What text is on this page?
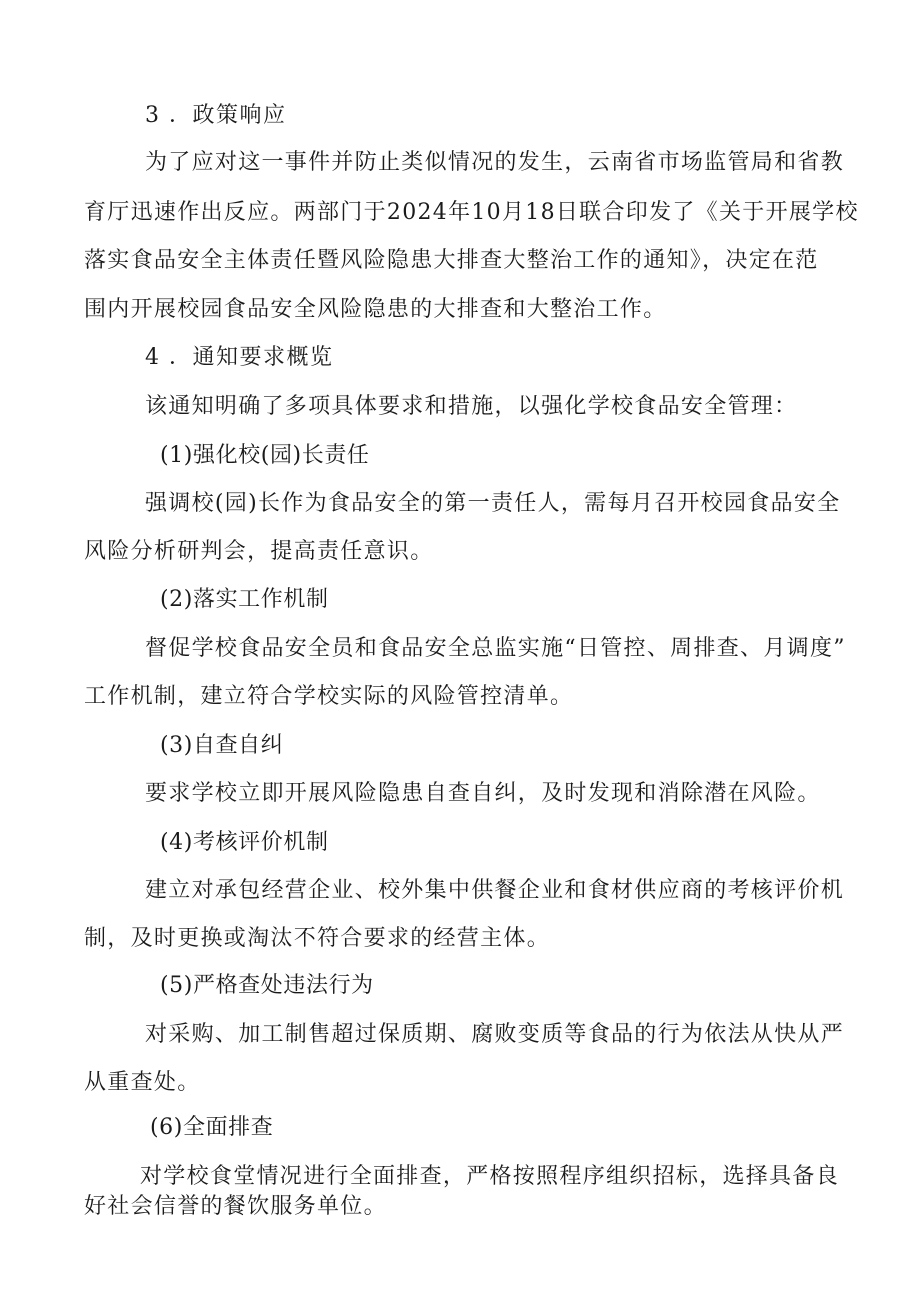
3 ．政策响应
为了应对这一事件并防止类似情况的发生，云南省市场监管局和省教
育厅迅速作出反应。两部门于2024年10月18日联合印发了《关于开展学校
落实食品安全主体责任暨风险隐患大排查大整治工作的通知》，决定在范
围内开展校园食品安全风险隐患的大排查和大整治工作。
4 ．通知要求概览
该通知明确了多项具体要求和措施，以强化学校食品安全管理：
(1)强化校(园)长责任
强调校(园)长作为食品安全的第一责任人，需每月召开校园食品安全
风险分析研判会，提高责任意识。
(2)落实工作机制
督促学校食品安全员和食品安全总监实施“日管控、周排查、月调度”
工作机制，建立符合学校实际的风险管控清单。
(3)自查自纠
要求学校立即开展风险隐患自查自纠，及时发现和消除潜在风险。
(4)考核评价机制
建立对承包经营企业、校外集中供餐企业和食材供应商的考核评价机
制，及时更换或淘汰不符合要求的经营主体。
(5)严格查处违法行为
对采购、加工制售超过保质期、腐败变质等食品的行为依法从快从严
从重查处。
(6)全面排查
对学校食堂情况进行全面排查，严格按照程序组织招标，选择具备良
好社会信誉的餐饮服务单位。
